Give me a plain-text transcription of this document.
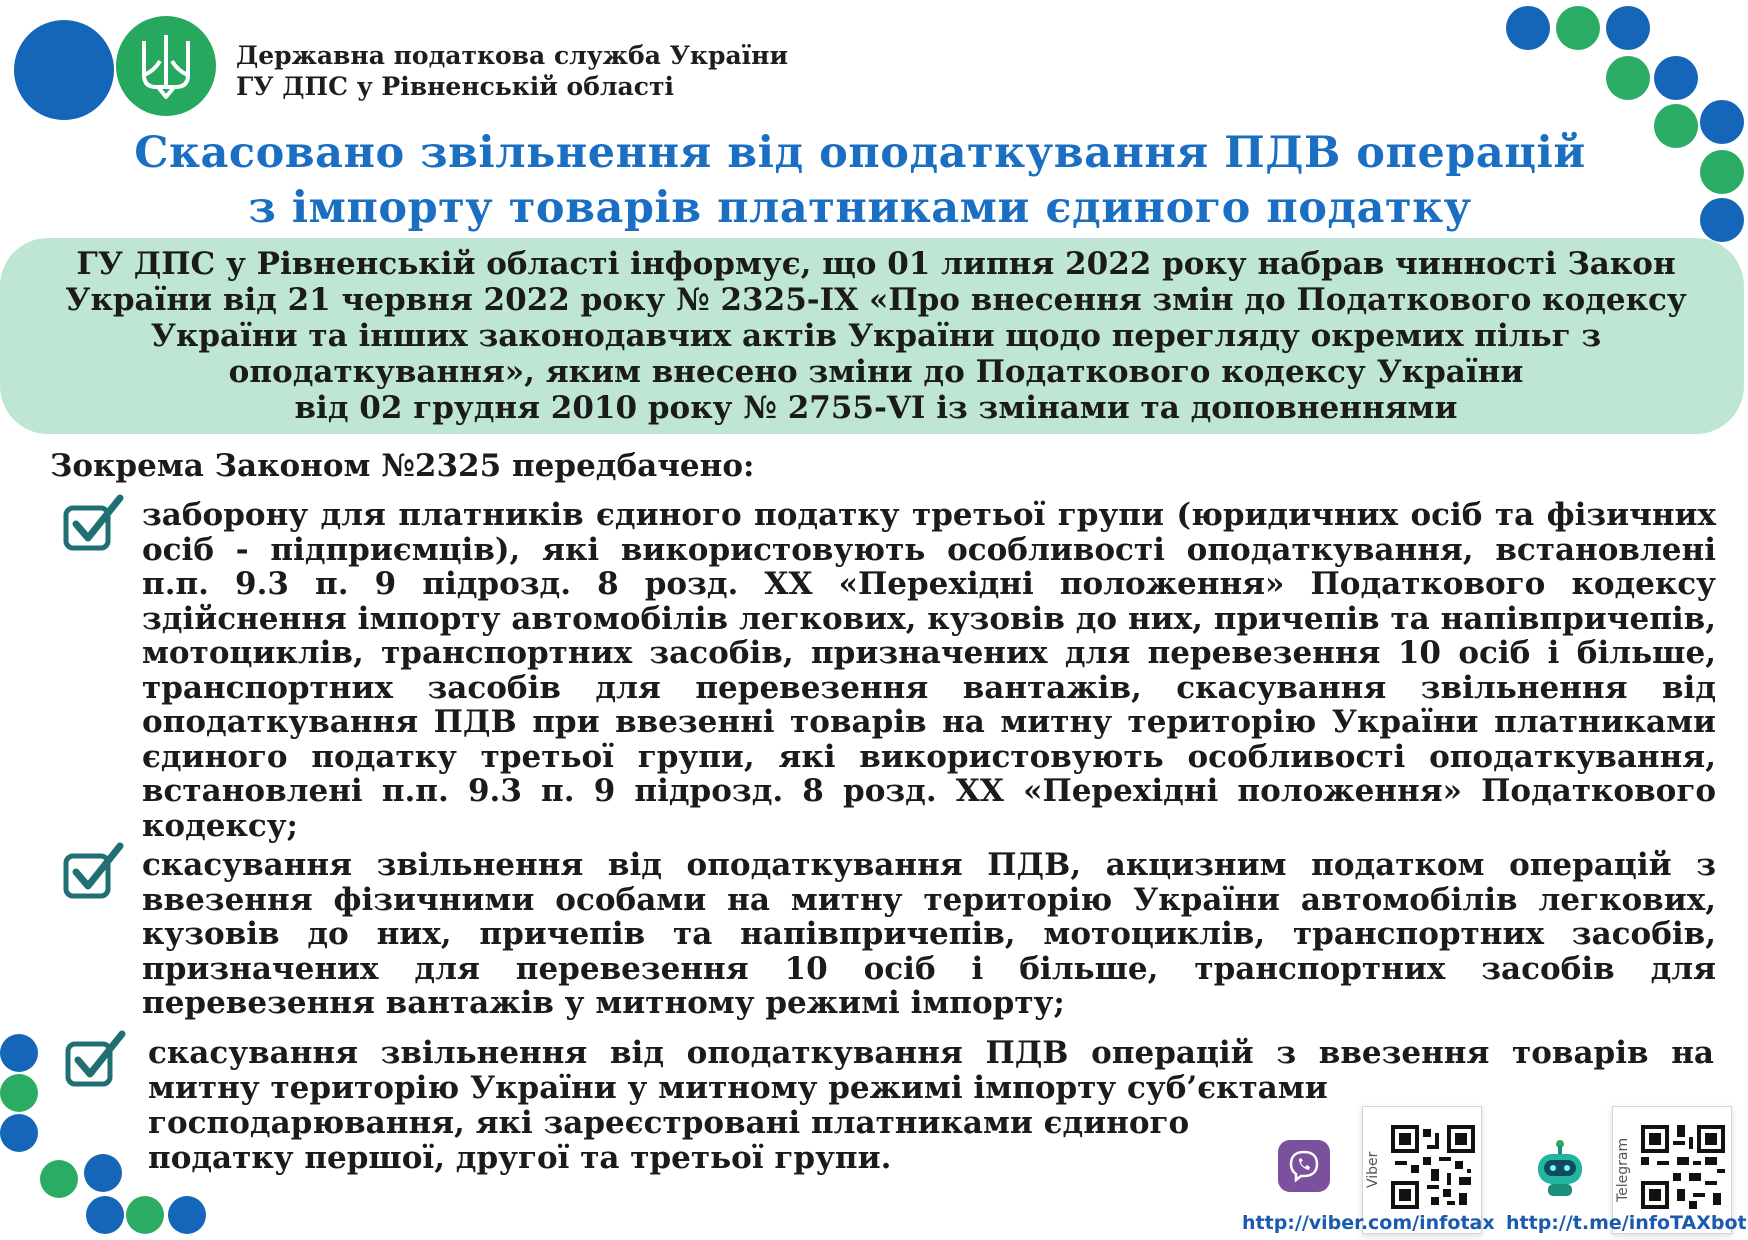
Державна податкова служба України
ГУ ДПС у Рівненській області
Скасовано звільнення від оподаткування ПДВ операцій
з імпорту товарів платниками єдиного податку
ГУ ДПС у Рівненській області інформує, що 01 липня 2022 року набрав чинності Закон
України від 21 червня 2022 року № 2325-IX «Про внесення змін до Податкового кодексу
України та інших законодавчих актів України щодо перегляду окремих пільг з
оподаткування», яким внесено зміни до Податкового кодексу України
від 02 грудня 2010 року № 2755-VI із змінами та доповненнями
Зокрема Законом №2325 передбачено:
заборону для платників єдиного податку третьої групи (юридичних осіб та фізичних осіб - підприємців), які використовують особливості оподаткування, встановлені п.п. 9.3 п. 9 підрозд. 8 розд. XX «Перехідні положення» Податкового кодексу здійснення імпорту автомобілів легкових, кузовів до них, причепів та напівпричепів, мотоциклів, транспортних засобів, призначених для перевезення 10 осіб і більше, транспортних засобів для перевезення вантажів, скасування звільнення від оподаткування ПДВ при ввезенні товарів на митну територію України платниками єдиного податку третьої групи, які використовують особливості оподаткування, встановлені п.п. 9.3 п. 9 підрозд. 8 розд. XX «Перехідні положення» Податкового кодексу;
скасування звільнення від оподаткування ПДВ, акцизним податком операцій з ввезення фізичними особами на митну територію України автомобілів легкових, кузовів до них, причепів та напівпричепів, мотоциклів, транспортних засобів, призначених для перевезення 10 осіб і більше, транспортних засобів для перевезення вантажів у митному режимі імпорту;
скасування звільнення від оподаткування ПДВ операцій з ввезення товарів на митну територію України у митному режимі імпорту суб’єктами
господарювання, які зареєстровані платниками єдиного
податку першої, другої та третьої групи.	Viber
http://viber.com/infotax
Telegram
http://t.me/infoTAXbot
